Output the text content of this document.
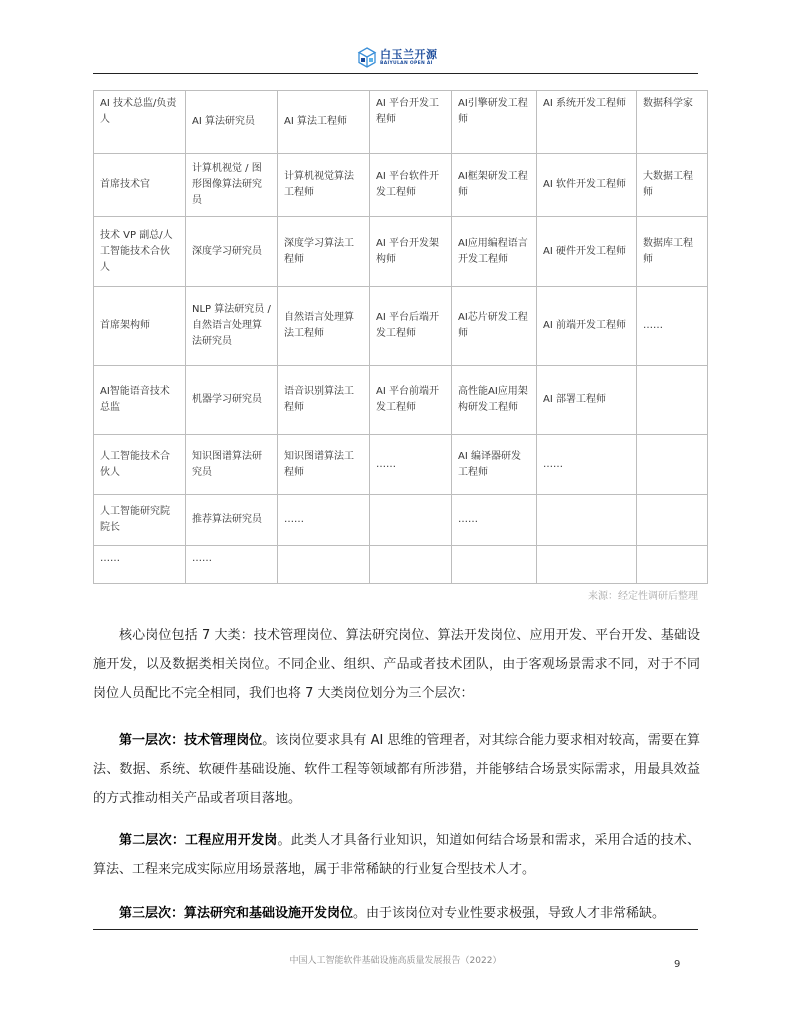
白玉兰开源
BAIYULAN OPEN AI
AI 技术总监/负责人	AI 算法研究员	AI 算法工程师	AI 平台开发工程师	AI引擎研发工程师	AI 系统开发工程师	数据科学家
首席技术官	计算机视觉 / 图形图像算法研究员	计算机视觉算法工程师	AI 平台软件开发工程师	AI框架研发工程师	AI 软件开发工程师	大数据工程师
技术 VP 副总/人工智能技术合伙人	深度学习研究员	深度学习算法工程师	AI 平台开发架构师	AI应用编程语言开发工程师	AI 硬件开发工程师	数据库工程师
首席架构师	NLP 算法研究员 / 自然语言处理算法研究员	自然语言处理算法工程师	AI 平台后端开发工程师	AI芯片研发工程师	AI 前端开发工程师	……
AI智能语音技术总监	机器学习研究员	语音识别算法工程师	AI 平台前端开发工程师	高性能AI应用架构研发工程师	AI 部署工程师	
人工智能技术合伙人	知识图谱算法研究员	知识图谱算法工程师	……	AI 编译器研发工程师	……	
人工智能研究院院长	推荐算法研究员	……		……		
……	……					
来源：经定性调研后整理

核心岗位包括 7 大类：技术管理岗位、算法研究岗位、算法开发岗位、应用开发、平台开发、基础设施开发，以及数据类相关岗位。不同企业、组织、产品或者技术团队，由于客观场景需求不同，对于不同岗位人员配比不完全相同，我们也将 7 大类岗位划分为三个层次：

第一层次：技术管理岗位。该岗位要求具有 AI 思维的管理者，对其综合能力要求相对较高，需要在算法、数据、系统、软硬件基础设施、软件工程等领域都有所涉猎，并能够结合场景实际需求，用最具效益的方式推动相关产品或者项目落地。

第二层次：工程应用开发岗。此类人才具备行业知识，知道如何结合场景和需求，采用合适的技术、算法、工程来完成实际应用场景落地，属于非常稀缺的行业复合型技术人才。

第三层次：算法研究和基础设施开发岗位。由于该岗位对专业性要求极强，导致人才非常稀缺。

中国人工智能软件基础设施高质量发展报告（2022）	9
